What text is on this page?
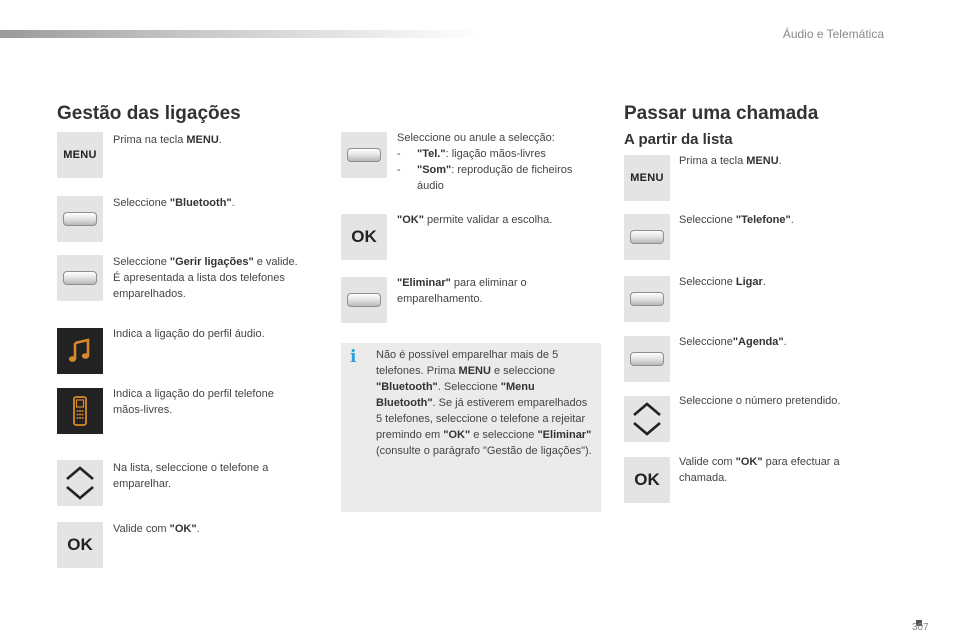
Áudio e Telemática
Gestão das ligações
MENU
Prima na tecla MENU.
Seleccione "Bluetooth".
Seleccione "Gerir ligações" e valide. É apresentada a lista dos telefones emparelhados.
Indica a ligação do perfil áudio.
Indica a ligação do perfil telefone mãos-livres.
Na lista, seleccione o telefone a emparelhar.
OK
Valide com "OK".
Seleccione ou anule a selecção:
- "Tel.": ligação mãos-livres
-	"Som": reprodução de ficheiros áudio
OK
"OK" permite validar a escolha.
"Eliminar" para eliminar o emparelhamento.
i	Não é possível emparelhar mais de 5 telefones. Prima MENU e seleccione "Bluetooth". Seleccione "Menu Bluetooth". Se já estiverem emparelhados 5 telefones, seleccione o telefone a rejeitar premindo em "OK" e seleccione "Eliminar" (consulte o parágrafo "Gestão de ligações").
Passar uma chamada
A partir da lista
MENU
Prima a tecla MENU.
Seleccione "Telefone".
Seleccione Ligar.
Seleccione"Agenda".
Seleccione o número pretendido.
OK
Valide com "OK" para efectuar a chamada.
307
